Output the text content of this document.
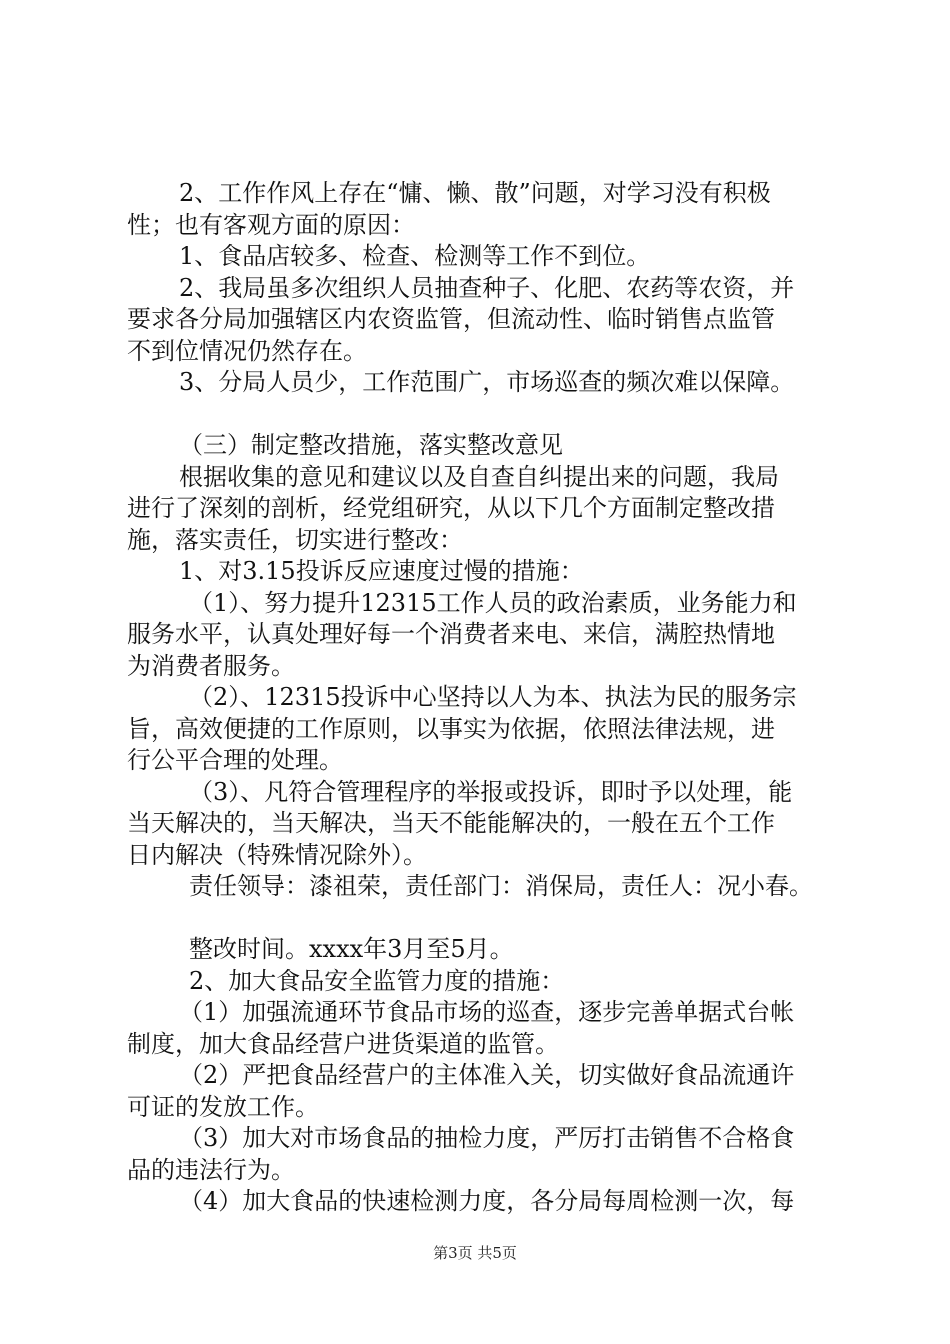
2、工作作风上存在“慵、懒、散”问题，对学习没有积极
性；也有客观方面的原因：
1、食品店较多、检查、检测等工作不到位。
2、我局虽多次组织人员抽查种子、化肥、农药等农资，并
要求各分局加强辖区内农资监管，但流动性、临时销售点监管
不到位情况仍然存在。
3、分局人员少，工作范围广，市场巡查的频次难以保障。
（三）制定整改措施，落实整改意见
根据收集的意见和建议以及自查自纠提出来的问题，我局
进行了深刻的剖析，经党组研究，从以下几个方面制定整改措
施，落实责任，切实进行整改：
1、对3.15投诉反应速度过慢的措施：
（1）、努力提升12315工作人员的政治素质，业务能力和
服务水平，认真处理好每一个消费者来电、来信，满腔热情地
为消费者服务。
（2）、12315投诉中心坚持以人为本、执法为民的服务宗
旨，高效便捷的工作原则，以事实为依据，依照法律法规，进
行公平合理的处理。
（3）、凡符合管理程序的举报或投诉，即时予以处理，能
当天解决的，当天解决，当天不能能解决的，一般在五个工作
日内解决（特殊情况除外）。
责任领导：漆祖荣，责任部门：消保局，责任人：况小春。
整改时间。xxxx年3月至5月。
2、加大食品安全监管力度的措施：
（1）加强流通环节食品市场的巡查，逐步完善单据式台帐
制度，加大食品经营户进货渠道的监管。
（2）严把食品经营户的主体准入关，切实做好食品流通许
可证的发放工作。
（3）加大对市场食品的抽检力度，严厉打击销售不合格食
品的违法行为。
（4）加大食品的快速检测力度，各分局每周检测一次，每
第3页 共5页
